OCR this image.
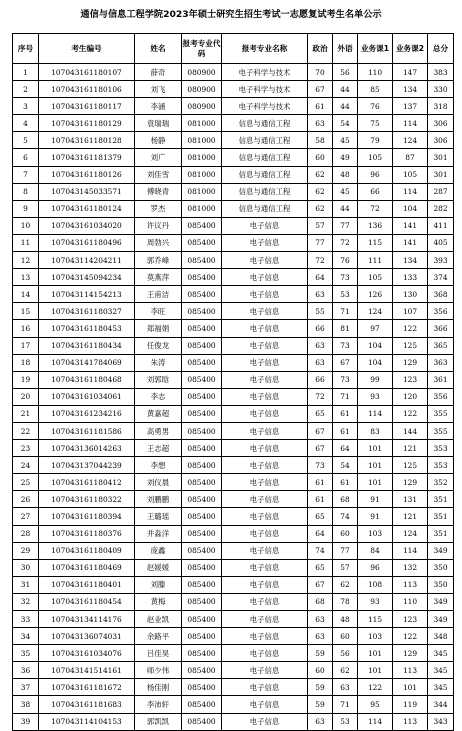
通信与信息工程学院2023年硕士研究生招生考试一志愿复试考生名单公示
序号	考生编号	姓名	报考专业代码	报考专业名称	政治	外语	业务课1	业务课2	总分
1	107043161180107	薛奇	080900	电子科学与技术	70	56	110	147	383
2	107043161180106	刘飞	080900	电子科学与技术	67	44	85	134	330
3	107043161180117	李涵	080900	电子科学与技术	61	44	76	137	318
4	107043161180129	袁瑞瑞	081000	信息与通信工程	63	54	75	114	306
5	107043161180128	杨静	081000	信息与通信工程	58	45	79	124	306
6	107043161181379	刘广	081000	信息与通信工程	60	49	105	87	301
7	107043161180126	刘佳雪	081000	信息与通信工程	62	48	96	105	301
8	107043145033571	傅晓青	081000	信息与通信工程	62	45	66	114	287
9	107043161180124	罗杰	081000	信息与通信工程	62	44	72	104	282
10	107043161034020	许议丹	085400	电子信息	57	77	136	141	411
11	107043161180496	周勃兴	085400	电子信息	77	72	115	141	405
12	107043114204211	郭乔峰	085400	电子信息	72	76	111	134	393
13	107043145094234	莫燕萍	085400	电子信息	64	73	105	133	374
14	107043114154213	王甫洁	085400	电子信息	63	53	126	130	368
15	107043161180327	李旺	085400	电子信息	55	71	124	107	356
16	107043161180453	郑福娟	085400	电子信息	66	81	97	122	366
17	107043161180434	任俊龙	085400	电子信息	63	73	104	125	365
18	107043141784069	朱涛	085400	电子信息	63	67	104	129	363
19	107043161180468	刘郭晗	085400	电子信息	66	73	99	123	361
20	107043161034061	李志	085400	电子信息	72	71	93	120	356
21	107043161234216	黄嘉超	085400	电子信息	65	61	114	122	355
22	107043161181586	高勇男	085400	电子信息	67	61	83	144	355
23	107043136014263	王志超	085400	电子信息	67	64	101	121	353
24	107043137044239	李想	085400	电子信息	73	54	101	125	353
25	107043161180412	刘仪晨	085400	电子信息	61	61	101	129	352
26	107043161180322	刘鹏鹏	085400	电子信息	61	68	91	131	351
27	107043161180394	王璐瑶	085400	电子信息	65	74	91	121	351
28	107043161180376	井淼洋	085400	电子信息	64	60	103	124	351
29	107043161180409	庞鑫	085400	电子信息	74	77	84	114	349
30	107043161180469	赵媛媛	085400	电子信息	65	57	96	132	350
31	107043161180401	刘滕	085400	电子信息	67	62	108	113	350
32	107043161180454	黄梅	085400	电子信息	68	78	93	110	349
33	107043134114176	赵业凯	085400	电子信息	63	48	115	123	349
34	107043136074031	余路平	085400	电子信息	63	60	103	122	348
35	107043161034076	吕佳昊	085400	电子信息	59	56	101	129	345
36	107043141514161	师少伟	085400	电子信息	60	62	101	113	345
37	107043161181672	杨佳刚	085400	电子信息	59	63	122	101	345
38	107043161181683	李沛轩	085400	电子信息	59	71	95	119	344
39	107043114104153	郭凯凯	085400	电子信息	63	53	114	113	343
